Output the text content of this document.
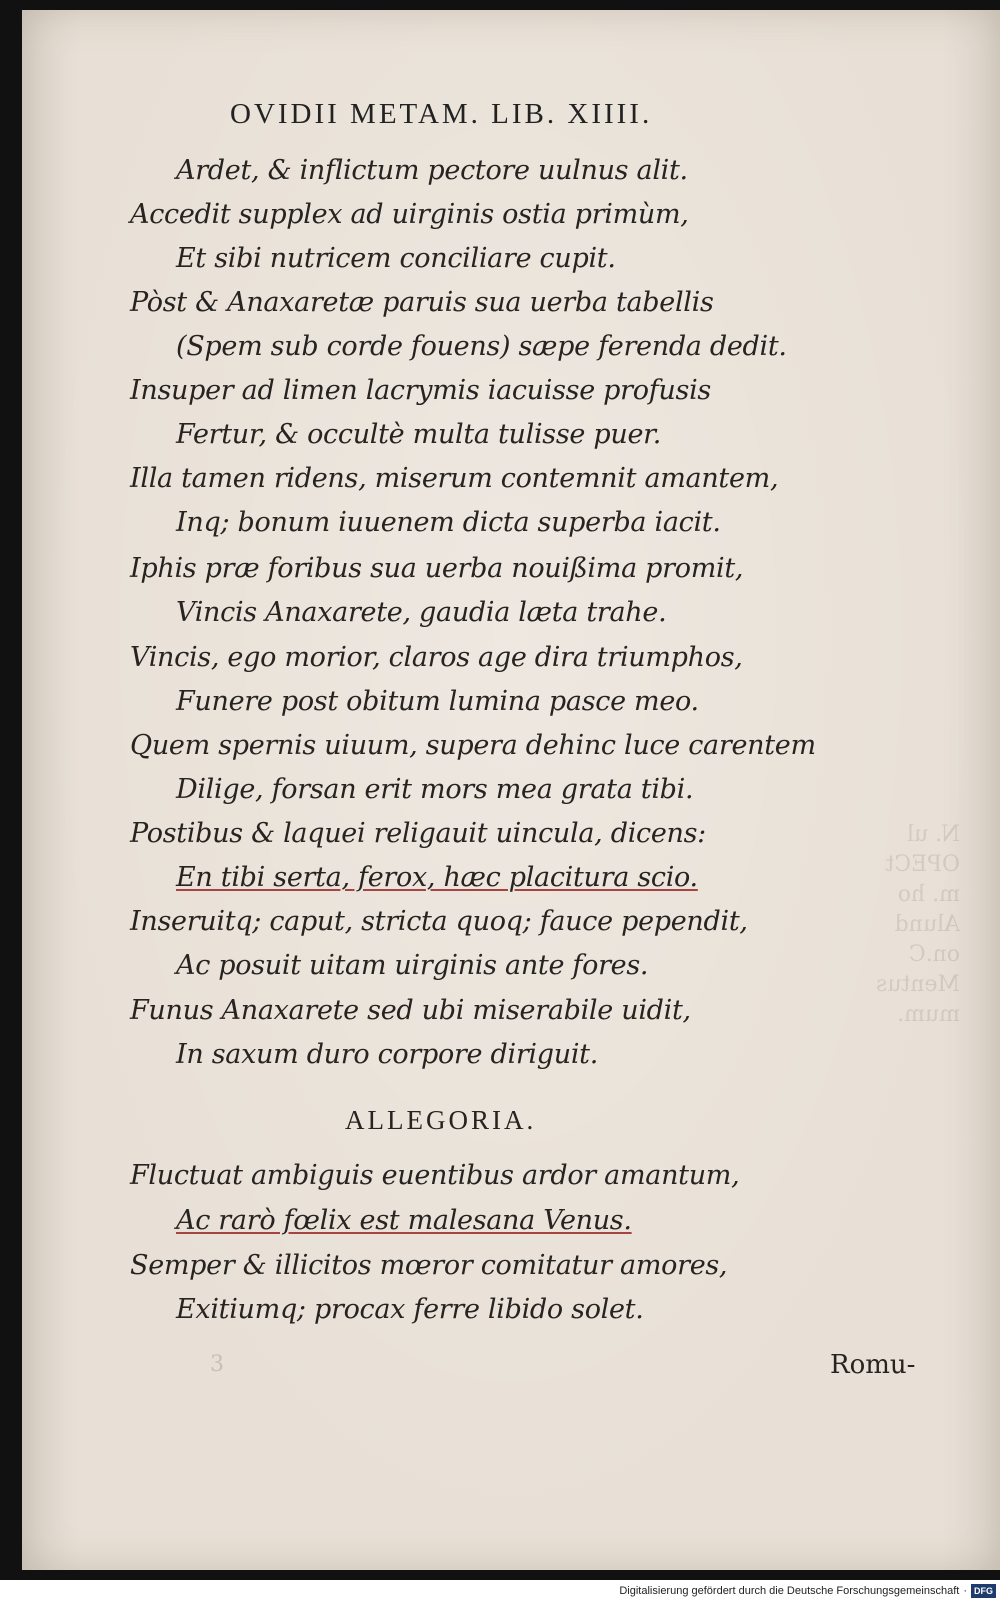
N. ul
OPECt
m. ho
Alund
on.C
Mentus
mum.
OVIDII METAM. LIB. XIIII.
Ardet, & inflictum pectore uulnus alit.
Accedit supplex ad uirginis ostia primùm,
Et sibi nutricem conciliare cupit.
Pòst & Anaxaretæ paruis sua uerba tabellis
(Spem sub corde fouens) sæpe ferenda dedit.
Insuper ad limen lacrymis iacuisse profusis
Fertur, & occultè multa tulisse puer.
Illa tamen ridens, miserum contemnit amantem,
Inq; bonum iuuenem dicta superba iacit.
Iphis præ foribus sua uerba nouißima promit,
Vincis Anaxarete, gaudia læta trahe.
Vincis, ego morior, claros age dira triumphos,
Funere post obitum lumina pasce meo.
Quem spernis uiuum, supera dehinc luce carentem
Dilige, forsan erit mors mea grata tibi.
Postibus & laquei religauit uincula, dicens:
En tibi serta, ferox, hæc placitura scio.
Inseruitq; caput, stricta quoq; fauce pependit,
Ac posuit uitam uirginis ante fores.
Funus Anaxarete sed ubi miserabile uidit,
In saxum duro corpore diriguit.
ALLEGORIA.
Fluctuat ambiguis euentibus ardor amantum,
Ac rarò fœlix est malesana Venus.
Semper & illicitos mœror comitatur amores,
Exitiumq; procax ferre libido solet.
3	Romu-
Digitalisierung gefördert durch die Deutsche Forschungsgemeinschaft · DFG
